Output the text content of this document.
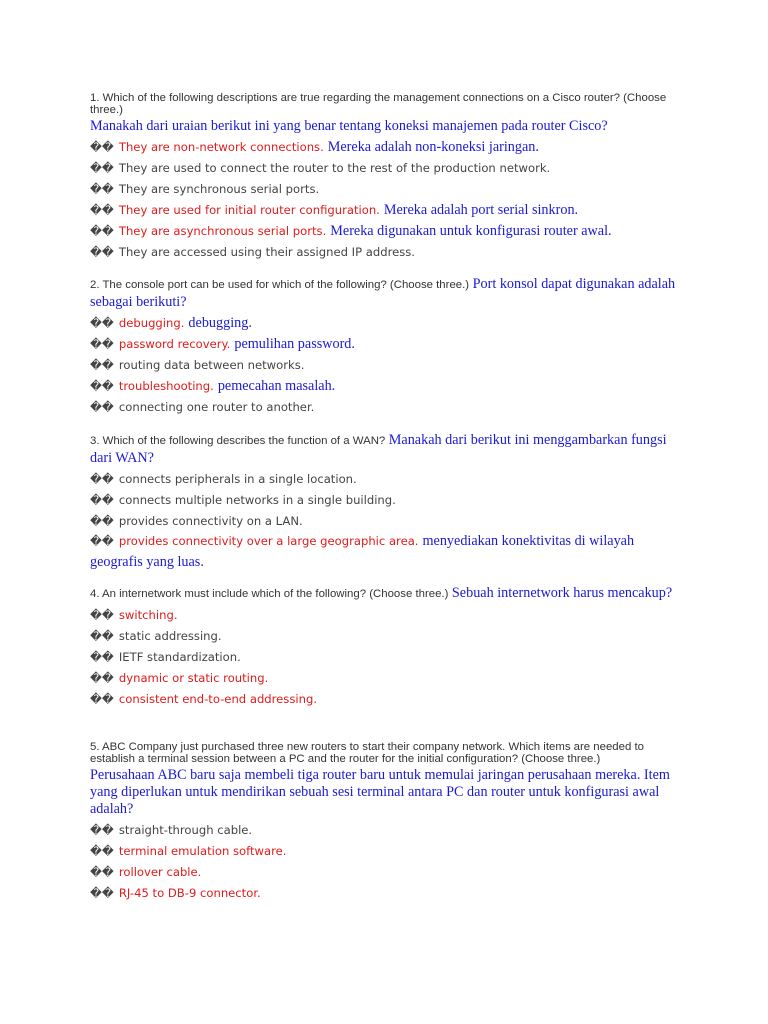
1. Which of the following descriptions are true regarding the management connections on a Cisco router? (Choose three.)
Manakah dari uraian berikut ini yang benar tentang koneksi manajemen pada router Cisco?
�� They are non-network connections. Mereka adalah non-koneksi jaringan.
�� They are used to connect the router to the rest of the production network.
�� They are synchronous serial ports.
�� They are used for initial router configuration. Mereka adalah port serial sinkron.
�� They are asynchronous serial ports. Mereka digunakan untuk konfigurasi router awal.
�� They are accessed using their assigned IP address.
2. The console port can be used for which of the following? (Choose three.) Port konsol dapat digunakan adalah sebagai berikuti?
�� debugging. debugging.
�� password recovery. pemulihan password.
�� routing data between networks.
�� troubleshooting. pemecahan masalah.
�� connecting one router to another.
3. Which of the following describes the function of a WAN? Manakah dari berikut ini menggambarkan fungsi dari WAN?
�� connects peripherals in a single location.
�� connects multiple networks in a single building.
�� provides connectivity on a LAN.
�� provides connectivity over a large geographic area. menyediakan konektivitas di wilayah geografis yang luas.
4. An internetwork must include which of the following? (Choose three.) Sebuah internetwork harus mencakup?
�� switching.
�� static addressing.
�� IETF standardization.
�� dynamic or static routing.
�� consistent end-to-end addressing.
5. ABC Company just purchased three new routers to start their company network. Which items are needed to establish a terminal session between a PC and the router for the initial configuration? (Choose three.)
Perusahaan ABC baru saja membeli tiga router baru untuk memulai jaringan perusahaan mereka. Item yang diperlukan untuk mendirikan sebuah sesi terminal antara PC dan router untuk konfigurasi awal adalah?
�� straight-through cable.
�� terminal emulation software.
�� rollover cable.
�� RJ-45 to DB-9 connector.
